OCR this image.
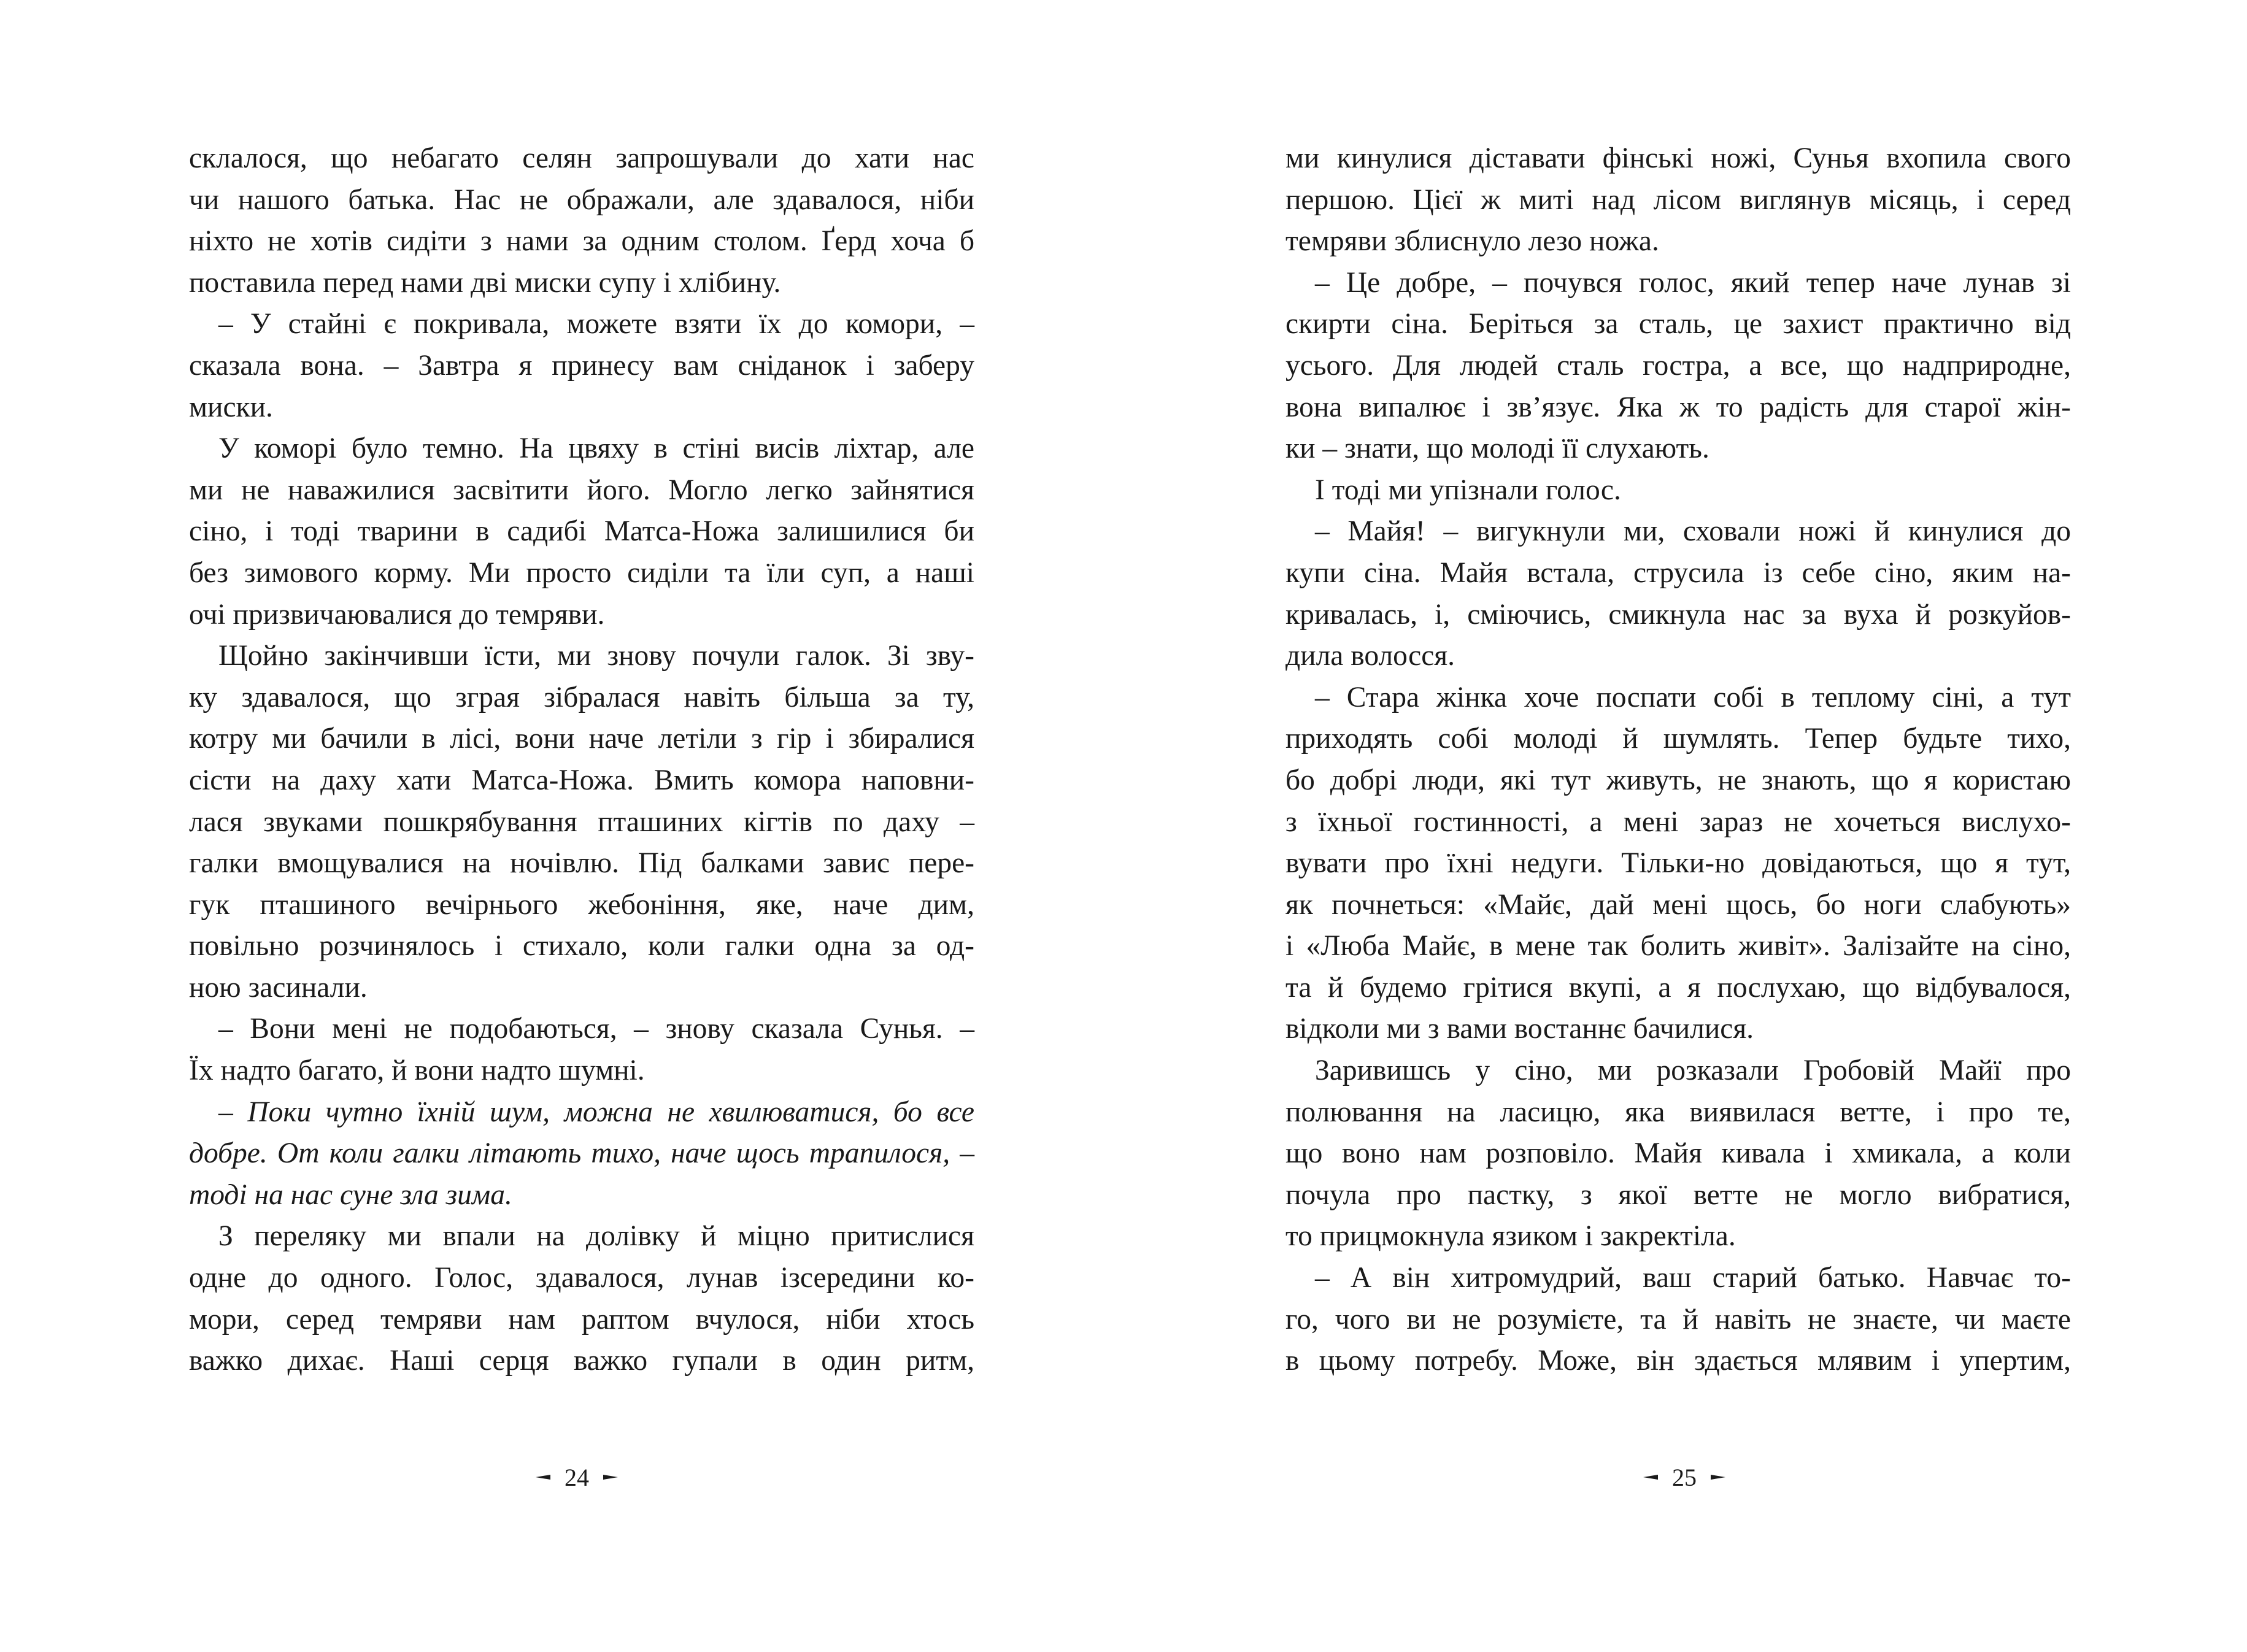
склалося, що небагато селян запрошували до хати нас
чи нашого батька. Нас не ображали, але здавалося, ніби
ніхто не хотів сидіти з нами за одним столом. Ґерд хоча б
поставила перед нами дві миски супу і хлібину.
– У стайні є покривала, можете взяти їх до комори, –
сказала вона. – Завтра я принесу вам сніданок і заберу
миски.
У коморі було темно. На цвяху в стіні висів ліхтар, але
ми не наважилися засвітити його. Могло легко зайнятися
сіно, і тоді тварини в садибі Матса-Ножа залишилися би
без зимового корму. Ми просто сиділи та їли суп, а наші
очі призвичаювалися до темряви.
Щойно закінчивши їсти, ми знову почули галок. Зі зву-
ку здавалося, що зграя зібралася навіть більша за ту,
котру ми бачили в лісі, вони наче летіли з гір і збиралися
сісти на даху хати Матса-Ножа. Вмить комора наповни-
лася звуками пошкрябування пташиних кігтів по даху –
галки вмощувалися на ночівлю. Під балками завис пере-
гук пташиного вечірнього жебоніння, яке, наче дим,
повільно розчинялось і стихало, коли галки одна за од-
ною засинали.
– Вони мені не подобаються, – знову сказала Сунья. –
Їх надто багато, й вони надто шумні.
– Поки чутно їхній шум, можна не хвилюватися, бо все
добре. От коли галки літають тихо, наче щось трапилося, –
тоді на нас суне зла зима.
З переляку ми впали на долівку й міцно притислися
одне до одного. Голос, здавалося, лунав ізсередини ко-
мори, серед темряви нам раптом вчулося, ніби хтось
важко дихає. Наші серця важко гупали в один ритм,
ми кинулися діставати фінські ножі, Сунья вхопила свого
першою. Цієї ж миті над лісом виглянув місяць, і серед
темряви зблиснуло лезо ножа.
– Це добре, – почувся голос, який тепер наче лунав зі
скирти сіна. Беріться за сталь, це захист практично від
усього. Для людей сталь гостра, а все, що надприродне,
вона випалює і зв’язує. Яка ж то радість для старої жін-
ки – знати, що молоді її слухають.
І тоді ми упізнали голос.
– Майя! – вигукнули ми, сховали ножі й кинулися до
купи сіна. Майя встала, струсила із себе сіно, яким на-
кривалась, і, сміючись, смикнула нас за вуха й розкуйов-
дила волосся.
– Стара жінка хоче поспати собі в теплому сіні, а тут
приходять собі молоді й шумлять. Тепер будьте тихо,
бо добрі люди, які тут живуть, не знають, що я користаю
з їхньої гостинності, а мені зараз не хочеться вислухо-
вувати про їхні недуги. Тільки-но довідаються, що я тут,
як почнеться: «Майє, дай мені щось, бо ноги слабують»
і «Люба Майє, в мене так болить живіт». Залізайте на сіно,
та й будемо грітися вкупі, а я послухаю, що відбувалося,
відколи ми з вами востаннє бачилися.
Заривишсь у сіно, ми розказали Гробовій Майї про
полювання на ласицю, яка виявилася ветте, і про те,
що воно нам розповіло. Майя кивала і хмикала, а коли
почула про пастку, з якої ветте не могло вибратися,
то прицмокнула язиком і закректіла.
– А він хитромудрий, ваш старий батько. Навчає то-
го, чого ви не розумієте, та й навіть не знаєте, чи маєте
в цьому потребу. Може, він здається млявим і упертим,
24	25
